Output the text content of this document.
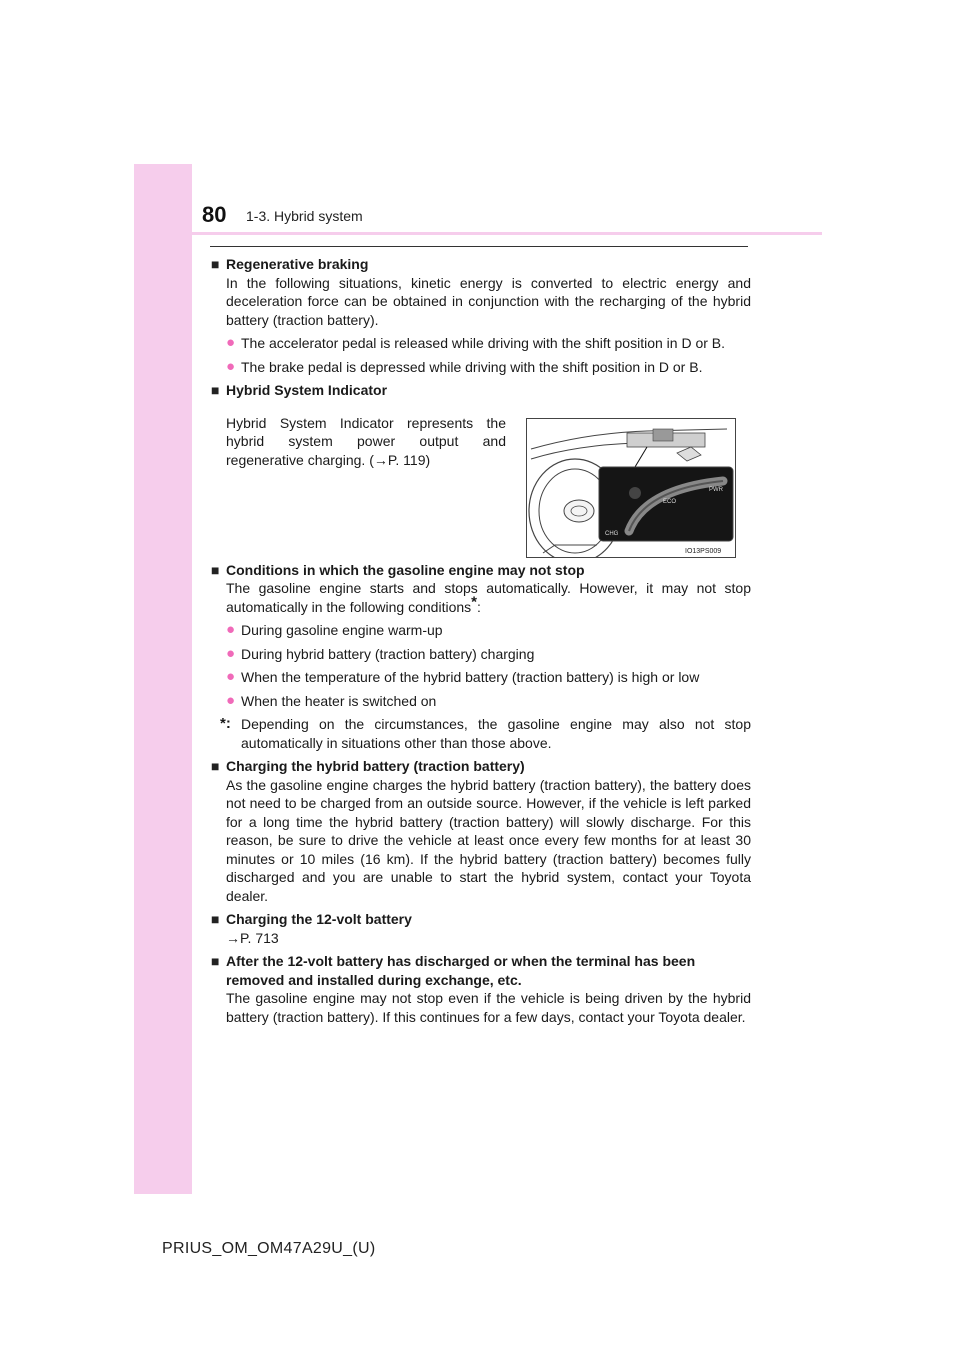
80 1-3. Hybrid system
■ Regenerative braking
In the following situations, kinetic energy is converted to electric energy and deceleration force can be obtained in conjunction with the recharging of the hybrid battery (traction battery).
● The accelerator pedal is released while driving with the shift position in D or B.
● The brake pedal is depressed while driving with the shift position in D or B.
■ Hybrid System Indicator
Hybrid System Indicator represents the hybrid system power output and regenerative charging. (→P. 119)
PWR
ECO
CHG
IO13PS009
■ Conditions in which the gasoline engine may not stop
The gasoline engine starts and stops automatically. However, it may not stop automatically in the following conditions*:
● During gasoline engine warm-up
● During hybrid battery (traction battery) charging
● When the temperature of the hybrid battery (traction battery) is high or low
● When the heater is switched on
*: Depending on the circumstances, the gasoline engine may also not stop automatically in situations other than those above.
■ Charging the hybrid battery (traction battery)
As the gasoline engine charges the hybrid battery (traction battery), the battery does not need to be charged from an outside source. However, if the vehicle is left parked for a long time the hybrid battery (traction battery) will slowly discharge. For this reason, be sure to drive the vehicle at least once every few months for at least 30 minutes or 10 miles (16 km). If the hybrid battery (traction battery) becomes fully discharged and you are unable to start the hybrid system, contact your Toyota dealer.
■ Charging the 12-volt battery
→P. 713
■ After the 12-volt battery has discharged or when the terminal has been removed and installed during exchange, etc.
The gasoline engine may not stop even if the vehicle is being driven by the hybrid battery (traction battery). If this continues for a few days, contact your Toyota dealer.
PRIUS_OM_OM47A29U_(U)
